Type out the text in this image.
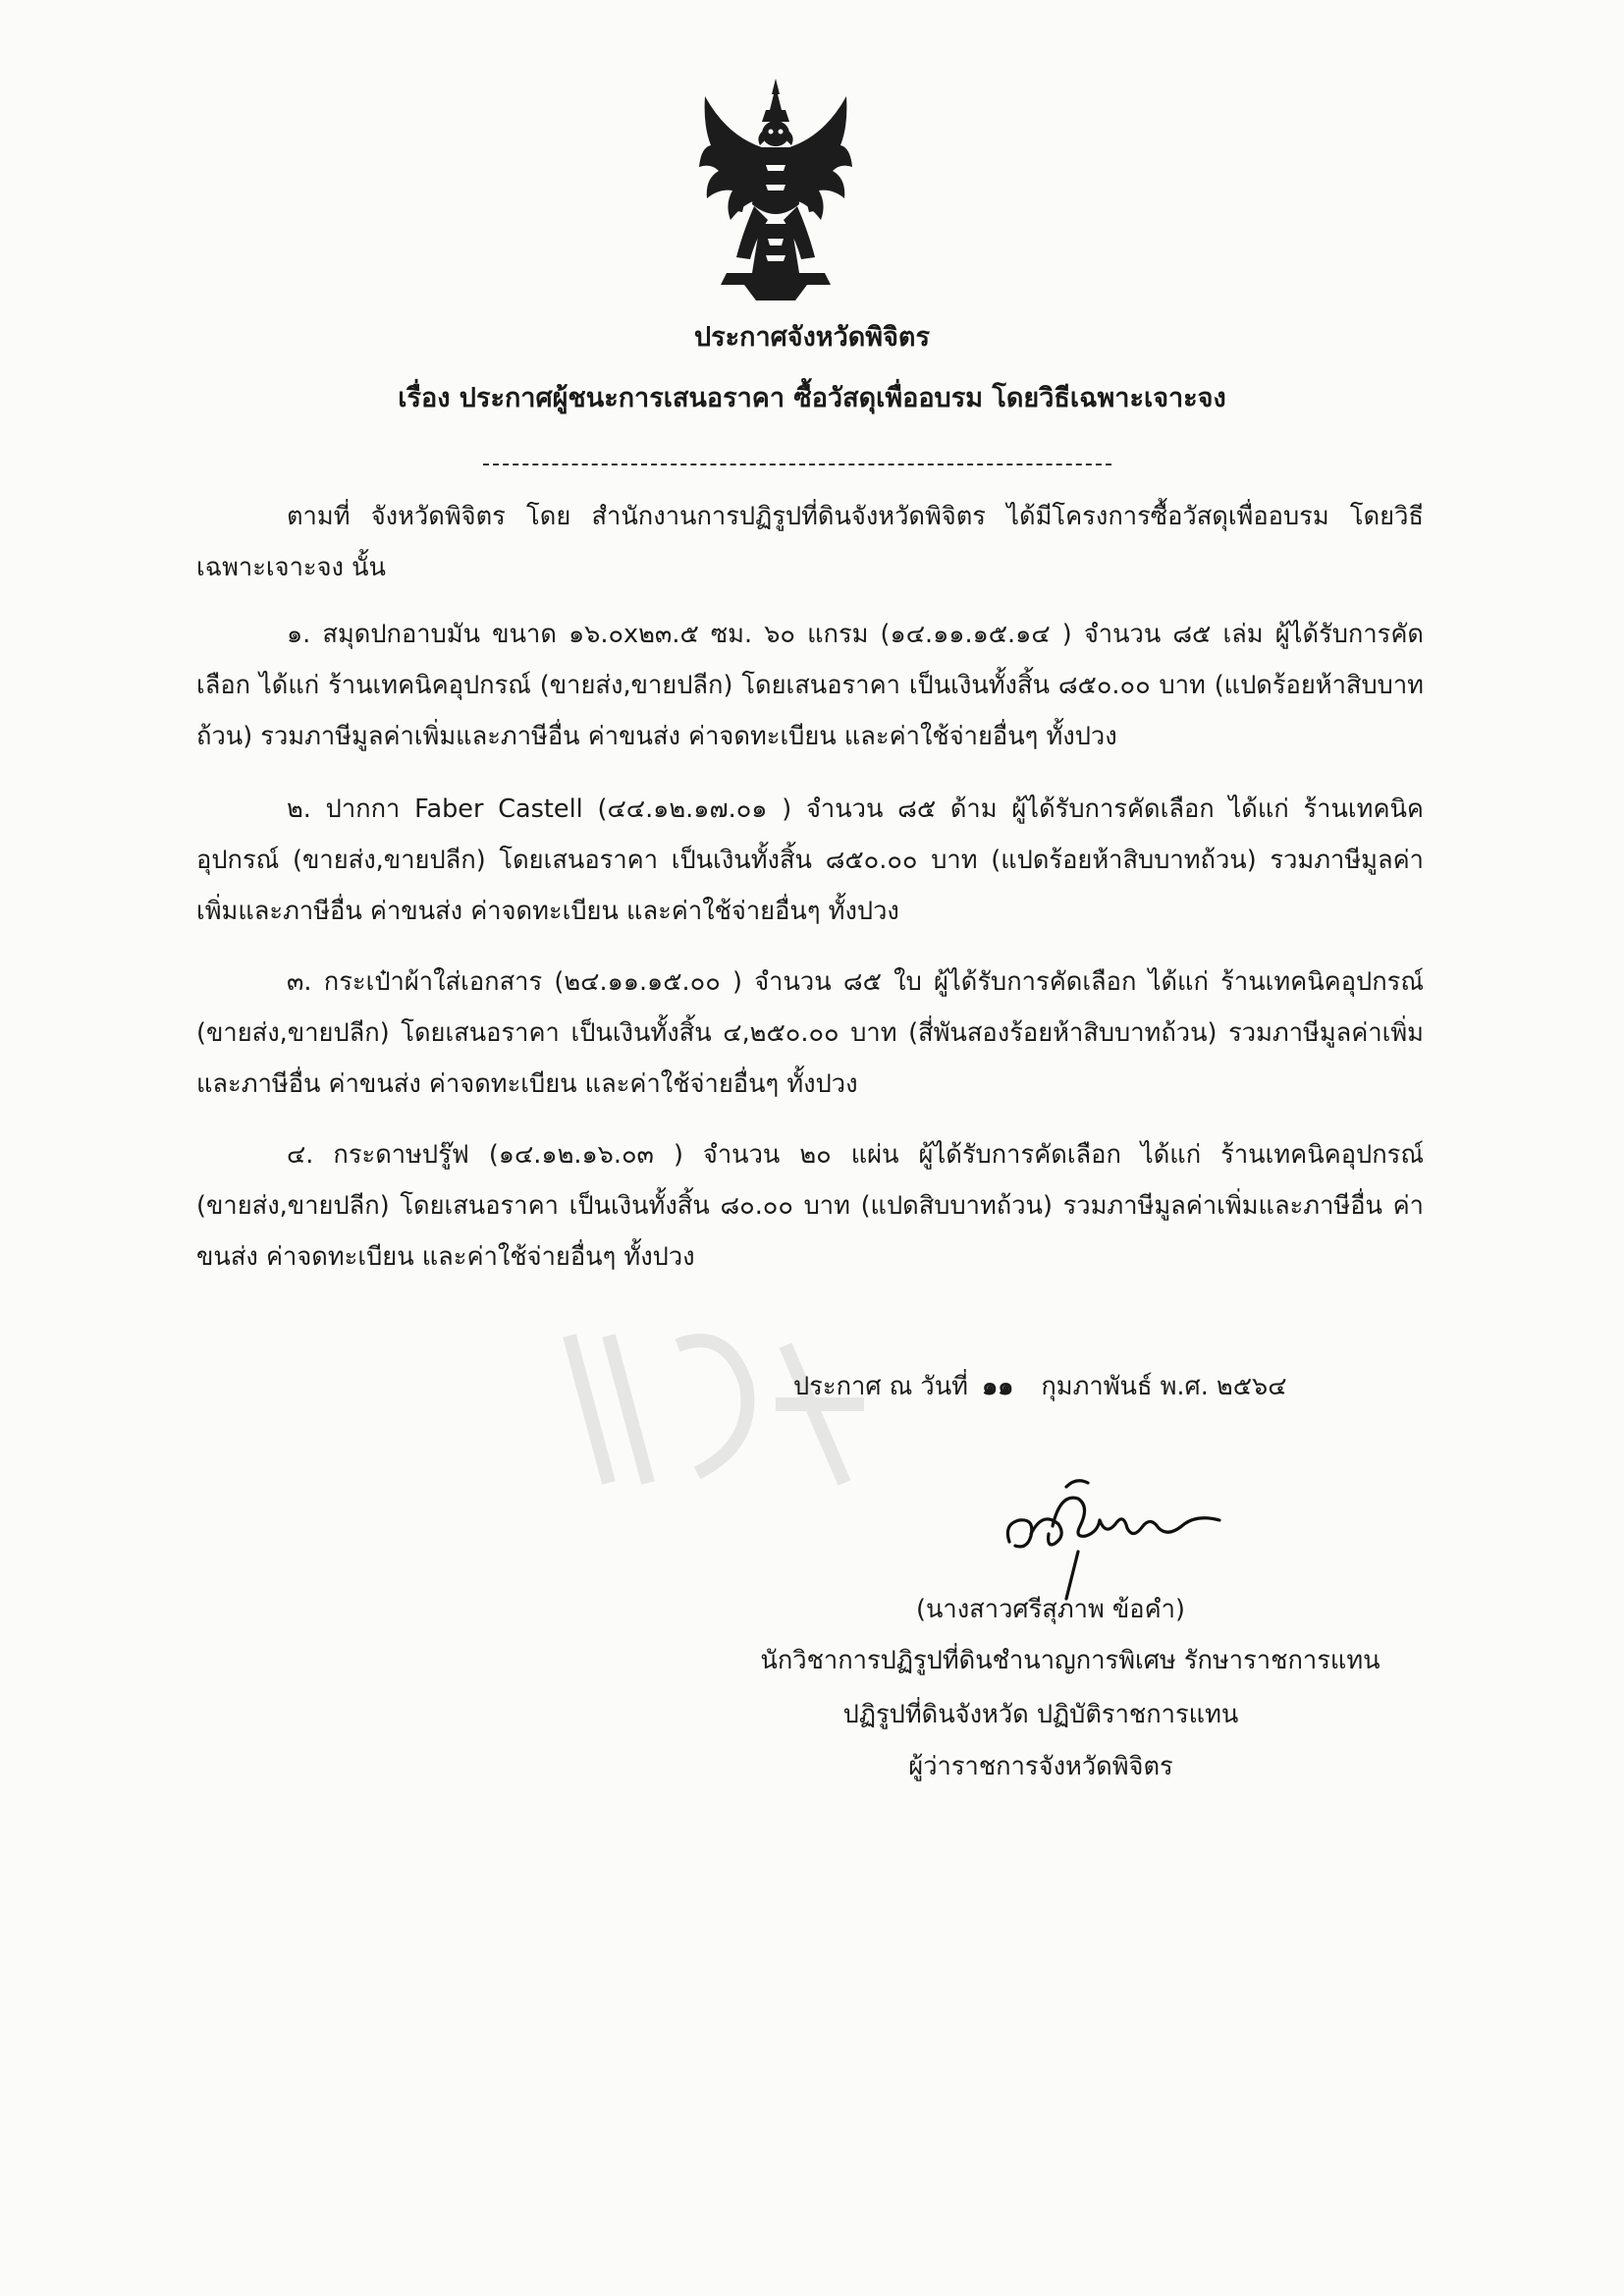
ประกาศจังหวัดพิจิตร
เรื่อง ประกาศผู้ชนะการเสนอราคา ซื้อวัสดุเพื่ออบรม โดยวิธีเฉพาะเจาะจง
ตามที่ จังหวัดพิจิตร โดย สำนักงานการปฏิรูปที่ดินจังหวัดพิจิตร ได้มีโครงการซื้อวัสดุเพื่ออบรม โดยวิธีเฉพาะเจาะจง นั้น
๑. สมุดปกอาบมัน ขนาด ๑๖.๐x๒๓.๕ ซม. ๖๐ แกรม (๑๔.๑๑.๑๕.๑๔ ) จำนวน ๘๕ เล่ม ผู้ได้รับการคัดเลือก ได้แก่ ร้านเทคนิคอุปกรณ์ (ขายส่ง,ขายปลีก) โดยเสนอราคา เป็นเงินทั้งสิ้น ๘๕๐.๐๐ บาท (แปดร้อยห้าสิบบาทถ้วน) รวมภาษีมูลค่าเพิ่มและภาษีอื่น ค่าขนส่ง ค่าจดทะเบียน และค่าใช้จ่ายอื่นๆ ทั้งปวง
๒. ปากกา Faber Castell (๔๔.๑๒.๑๗.๐๑ ) จำนวน ๘๕ ด้าม ผู้ได้รับการคัดเลือก ได้แก่ ร้านเทคนิคอุปกรณ์ (ขายส่ง,ขายปลีก) โดยเสนอราคา เป็นเงินทั้งสิ้น ๘๕๐.๐๐ บาท (แปดร้อยห้าสิบบาทถ้วน) รวมภาษีมูลค่าเพิ่มและภาษีอื่น ค่าขนส่ง ค่าจดทะเบียน และค่าใช้จ่ายอื่นๆ ทั้งปวง
๓. กระเป๋าผ้าใส่เอกสาร (๒๔.๑๑.๑๕.๐๐ ) จำนวน ๘๕ ใบ ผู้ได้รับการคัดเลือก ได้แก่ ร้านเทคนิคอุปกรณ์ (ขายส่ง,ขายปลีก) โดยเสนอราคา เป็นเงินทั้งสิ้น ๔,๒๕๐.๐๐ บาท (สี่พันสองร้อยห้าสิบบาทถ้วน) รวมภาษีมูลค่าเพิ่มและภาษีอื่น ค่าขนส่ง ค่าจดทะเบียน และค่าใช้จ่ายอื่นๆ ทั้งปวง
๔. กระดาษปรู๊ฟ (๑๔.๑๒.๑๖.๐๓ ) จำนวน ๒๐ แผ่น ผู้ได้รับการคัดเลือก ได้แก่ ร้านเทคนิคอุปกรณ์ (ขายส่ง,ขายปลีก) โดยเสนอราคา เป็นเงินทั้งสิ้น ๘๐.๐๐ บาท (แปดสิบบาทถ้วน) รวมภาษีมูลค่าเพิ่มและภาษีอื่น ค่าขนส่ง ค่าจดทะเบียน และค่าใช้จ่ายอื่นๆ ทั้งปวง
ประกาศ ณ วันที่ ๑๑ กุมภาพันธ์ พ.ศ. ๒๕๖๔
(นางสาวศรีสุภาพ ข้อคำ)
นักวิชาการปฏิรูปที่ดินชำนาญการพิเศษ รักษาราชการแทน
ปฏิรูปที่ดินจังหวัด ปฏิบัติราชการแทน
ผู้ว่าราชการจังหวัดพิจิตร
